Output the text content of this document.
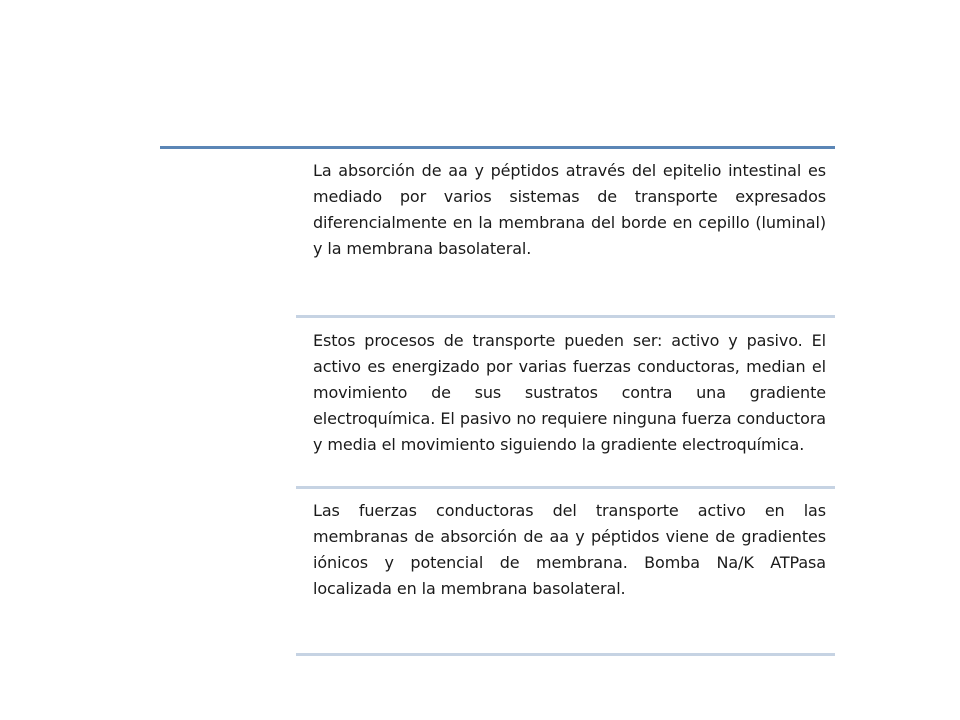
La absorción de aa y péptidos através del epitelio intestinal es mediado por varios sistemas de transporte expresados diferencialmente en la membrana del borde en cepillo (luminal) y la membrana basolateral.

Estos procesos de transporte pueden ser: activo y pasivo. El activo es energizado por varias fuerzas conductoras, median el movimiento de sus sustratos contra una gradiente electroquímica. El pasivo no requiere ninguna fuerza conductora y media el movimiento siguiendo la gradiente electroquímica.

Las fuerzas conductoras del transporte activo en las membranas de absorción de aa y péptidos viene de gradientes iónicos y potencial de membrana. Bomba Na/K ATPasa localizada en la membrana basolateral.
